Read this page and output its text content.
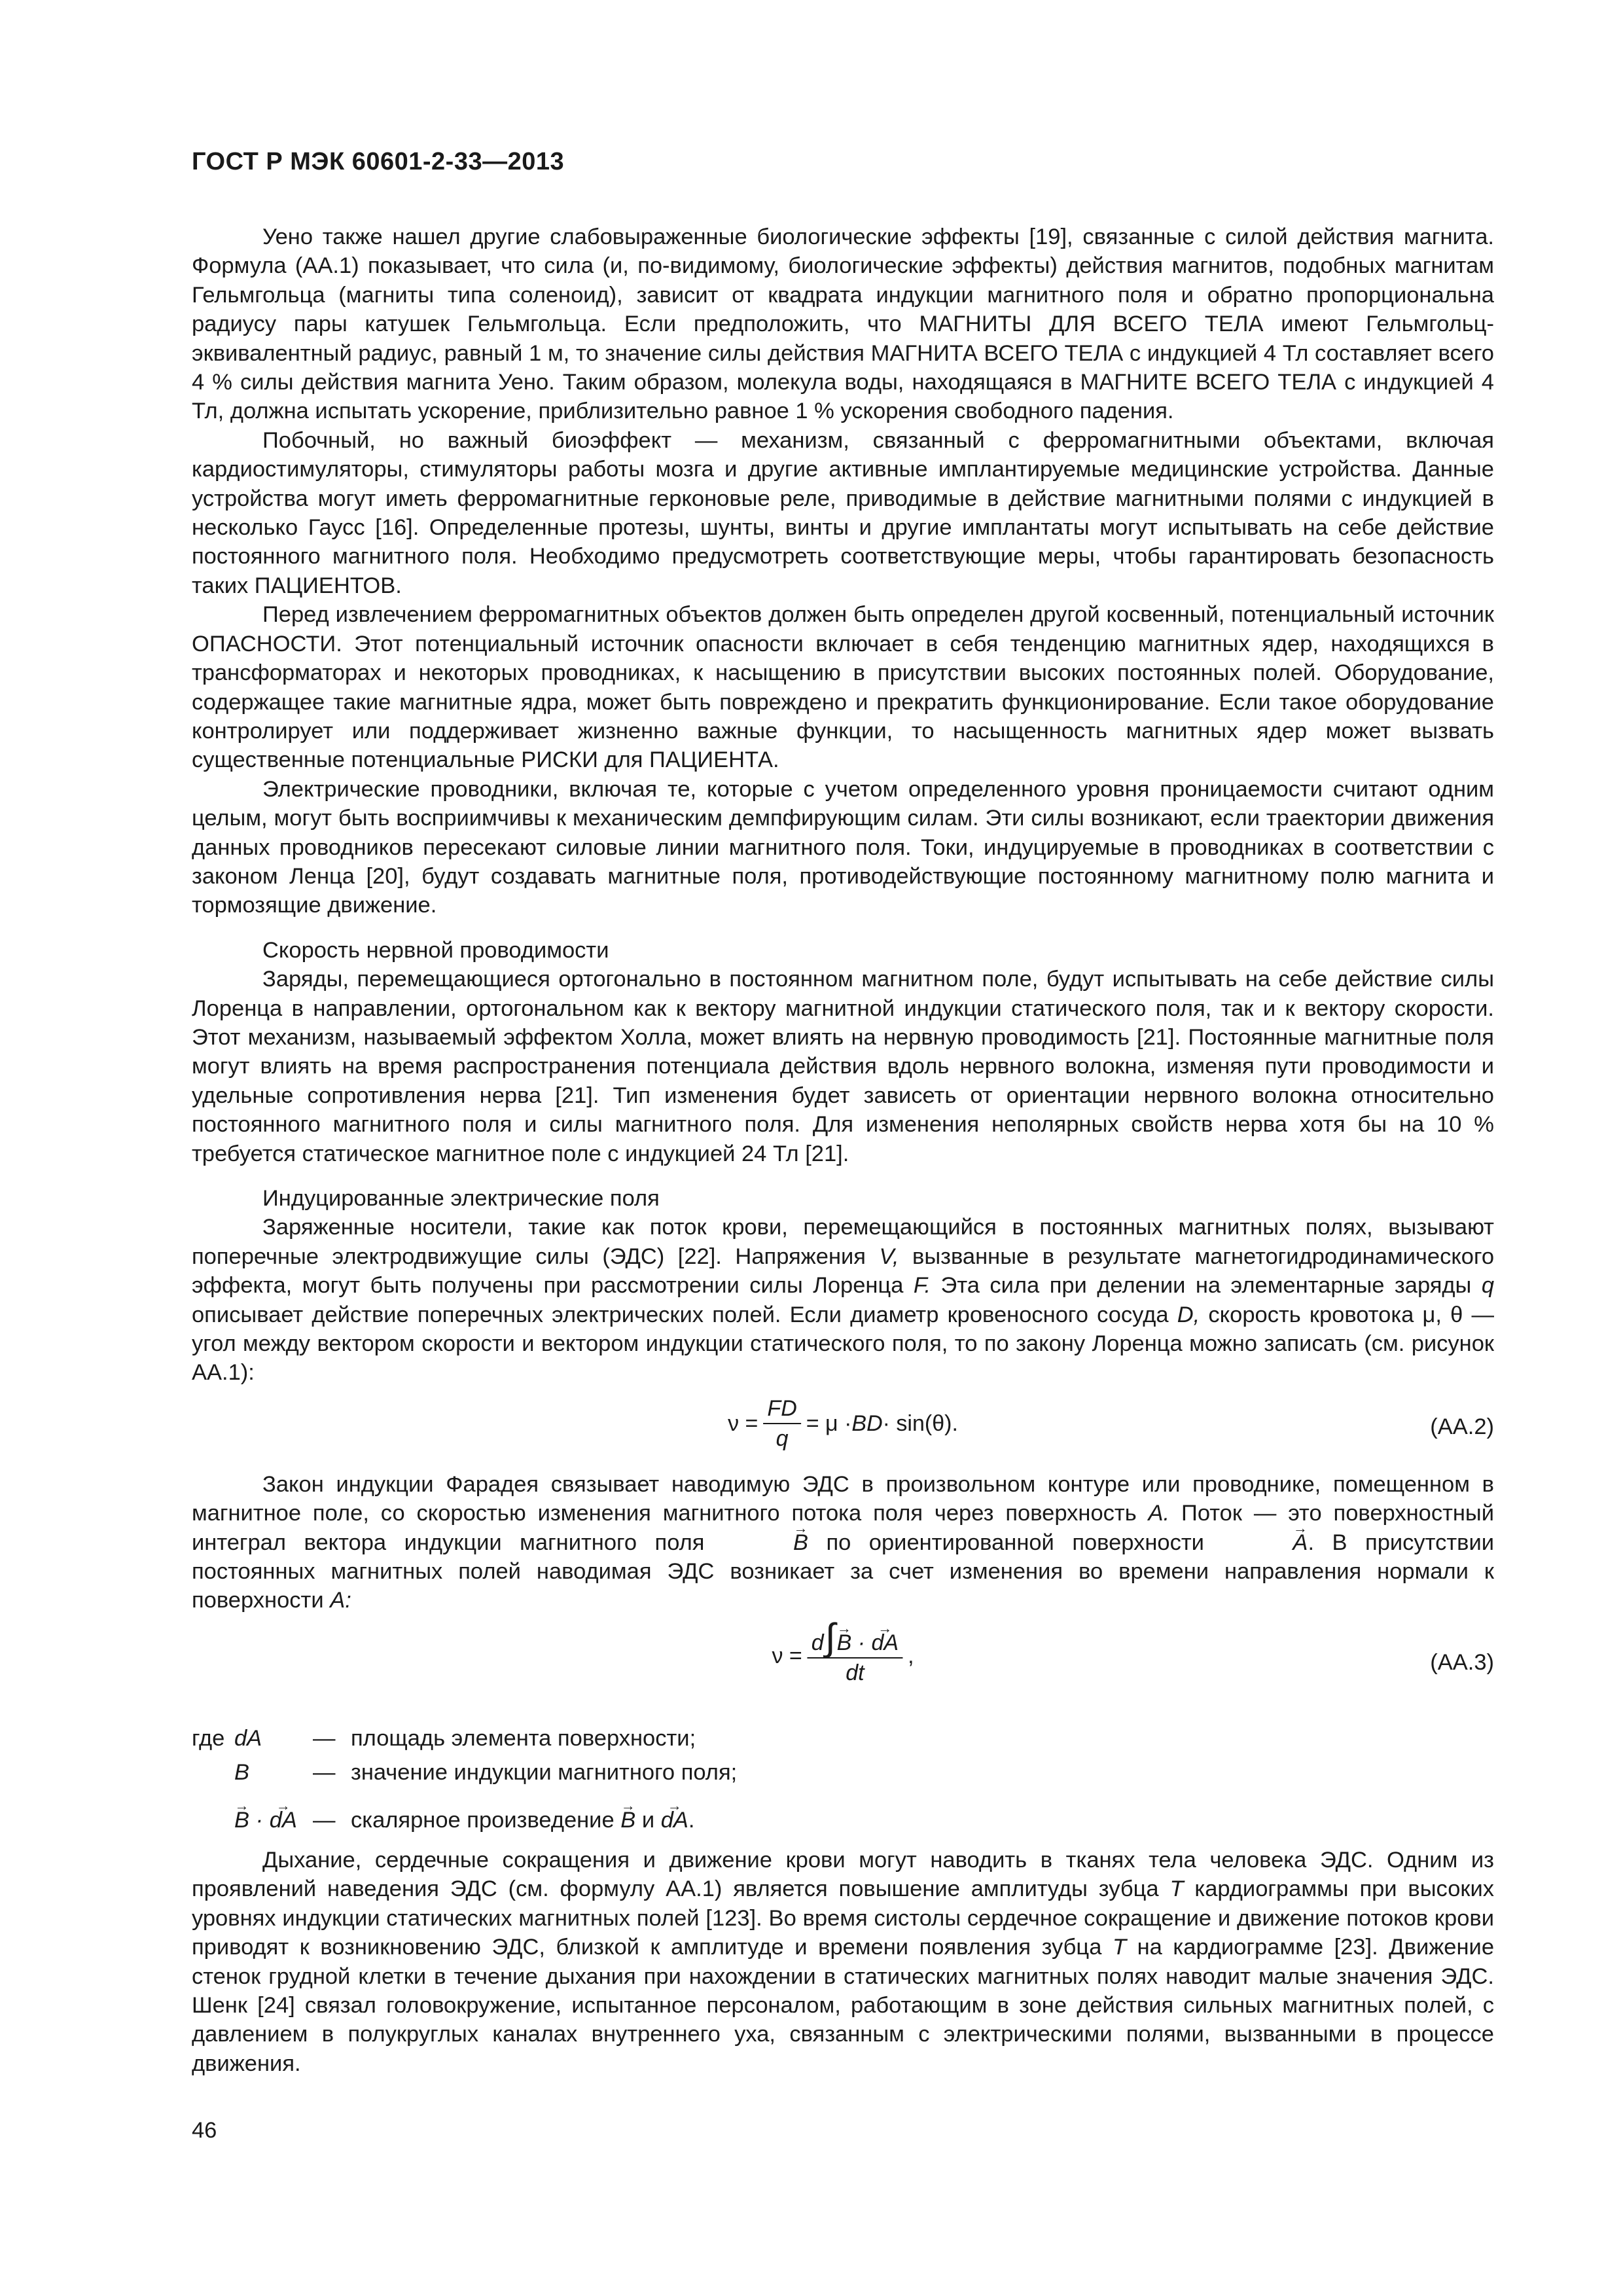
ГОСТ Р МЭК 60601-2-33—2013

Уено также нашел другие слабовыраженные биологические эффекты [19], связанные с силой действия магнита. Формула (АА.1) показывает, что сила (и, по-видимому, биологические эффекты) действия магнитов, подобных магнитам Гельмгольца (магниты типа соленоид), зависит от квадрата индукции магнитного поля и обратно пропорциональна радиусу пары катушек Гельмгольца. Если предположить, что МАГНИТЫ ДЛЯ ВСЕГО ТЕЛА имеют Гельмгольц-эквивалентный радиус, равный 1 м, то значение силы действия МАГНИТА ВСЕГО ТЕЛА с индукцией 4 Тл составляет всего 4 % силы действия магнита Уено. Таким образом, молекула воды, находящаяся в МАГНИТЕ ВСЕГО ТЕЛА с индукцией 4 Тл, должна испытать ускорение, приблизительно равное 1 % ускорения свободного падения.

Побочный, но важный биоэффект — механизм, связанный с ферромагнитными объектами, включая кардиостимуляторы, стимуляторы работы мозга и другие активные имплантируемые медицинские устройства. Данные устройства могут иметь ферромагнитные герконовые реле, приводимые в действие магнитными полями с индукцией в несколько Гаусс [16]. Определенные протезы, шунты, винты и другие имплантаты могут испытывать на себе действие постоянного магнитного поля. Необходимо предусмотреть соответствующие меры, чтобы гарантировать безопасность таких ПАЦИЕНТОВ.

Перед извлечением ферромагнитных объектов должен быть определен другой косвенный, потенциальный источник ОПАСНОСТИ. Этот потенциальный источник опасности включает в себя тенденцию магнитных ядер, находящихся в трансформаторах и некоторых проводниках, к насыщению в присутствии высоких постоянных полей. Оборудование, содержащее такие магнитные ядра, может быть повреждено и прекратить функционирование. Если такое оборудование контролирует или поддерживает жизненно важные функции, то насыщенность магнитных ядер может вызвать существенные потенциальные РИСКИ для ПАЦИЕНТА.

Электрические проводники, включая те, которые с учетом определенного уровня проницаемости считают одним целым, могут быть восприимчивы к механическим демпфирующим силам. Эти силы возникают, если траектории движения данных проводников пересекают силовые линии магнитного поля. Токи, индуцируемые в проводниках в соответствии с законом Ленца [20], будут создавать магнитные поля, противодействующие постоянному магнитному полю магнита и тормозящие движение.

Скорость нервной проводимости

Заряды, перемещающиеся ортогонально в постоянном магнитном поле, будут испытывать на себе действие силы Лоренца в направлении, ортогональном как к вектору магнитной индукции статического поля, так и к вектору скорости. Этот механизм, называемый эффектом Холла, может влиять на нервную проводимость [21]. Постоянные магнитные поля могут влиять на время распространения потенциала действия вдоль нервного волокна, изменяя пути проводимости и удельные сопротивления нерва [21]. Тип изменения будет зависеть от ориентации нервного волокна относительно постоянного магнитного поля и силы магнитного поля. Для изменения неполярных свойств нерва хотя бы на 10 % требуется статическое магнитное поле с индукцией 24 Тл [21].

Индуцированные электрические поля

Заряженные носители, такие как поток крови, перемещающийся в постоянных магнитных полях, вызывают поперечные электродвижущие силы (ЭДС) [22]. Напряжения V, вызванные в результате магнетогидродинамического эффекта, могут быть получены при рассмотрении силы Лоренца F. Эта сила при делении на элементарные заряды q описывает действие поперечных электрических полей. Если диаметр кровеносного сосуда D, скорость кровотока μ, θ — угол между вектором скорости и вектором индукции статического поля, то по закону Лоренца можно записать (см. рисунок АА.1):

$\nu = \frac{FD}{q} = \mu$ · BD · sin(θ).	(АА.2)

Закон индукции Фарадея связывает наводимую ЭДС в произвольном контуре или проводнике, помещенном в магнитное поле, со скоростью изменения магнитного потока поля через поверхность A. Поток — это поверхностный интеграл вектора индукции магнитного поля	→ B по ориентированной поверхности	→ A. В присутствии постоянных магнитных полей наводимая ЭДС возникает за счет изменения во времени направления нормали к поверхности A:

$\nu = \frac{d\int\to B \cdot \to dA}{dt}$ ,	(АА.3)
где dA	— площадь элемента поверхности;
B	— значение индукции магнитного поля;
→ B · → dA — скалярное произведение → B и → dA.

Дыхание, сердечные сокращения и движение крови могут наводить в тканях тела человека ЭДС. Одним из проявлений наведения ЭДС (см. формулу АА.1) является повышение амплитуды зубца T кардиограммы при высоких уровнях индукции статических магнитных полей [123]. Во время систолы сердечное сокращение и движение потоков крови приводят к возникновению ЭДС, близкой к амплитуде и времени появления зубца T на кардиограмме [23]. Движение стенок грудной клетки в течение дыхания при нахождении в статических магнитных полях наводит малые значения ЭДС. Шенк [24] связал головокружение, испытанное персоналом, работающим в зоне действия сильных магнитных полей, с давлением в полукруглых каналах внутреннего уха, связанным с электрическими полями, вызванными в процессе движения.

46
